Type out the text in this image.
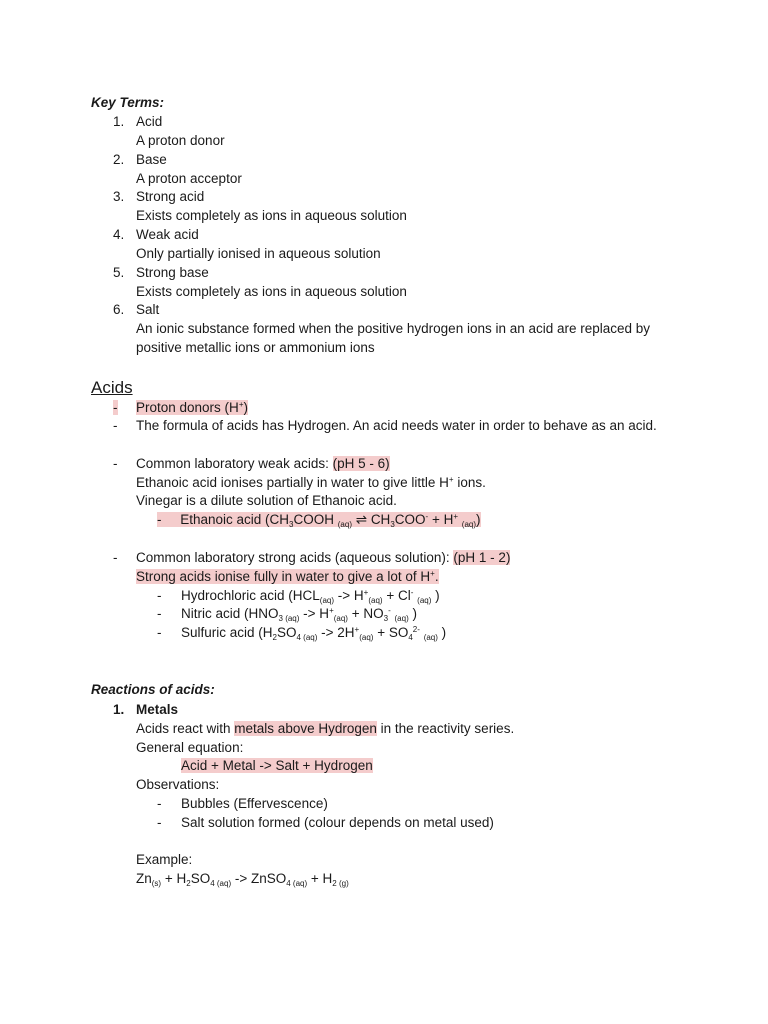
Key Terms:
1. Acid
A proton donor
2. Base
A proton acceptor
3. Strong acid
Exists completely as ions in aqueous solution
4. Weak acid
Only partially ionised in aqueous solution
5. Strong base
Exists completely as ions in aqueous solution
6. Salt
An ionic substance formed when the positive hydrogen ions in an acid are replaced by
positive metallic ions or ammonium ions
Acids
- Proton donors (H+)
- The formula of acids has Hydrogen. An acid needs water in order to behave as an acid.
- Common laboratory weak acids: (pH 5 - 6)
Ethanoic acid ionises partially in water to give little H+ ions.
Vinegar is a dilute solution of Ethanoic acid.
-     Ethanoic acid ($CH_3COOH$ $_{(aq)}$ ⇌ $CH_3COO^- + H^+$ $_{(aq)}$)
- Common laboratory strong acids (aqueous solution): (pH 1 - 2)
Strong acids ionise fully in water to give a lot of H+.
- Hydrochloric acid ($HCL_{(aq)} -> H^+_{(aq)} + Cl^-$ $_{(aq)}$ )
- Nitric acid ($HNO_{3 (aq)} -> H^+_{(aq)} + NO_3^-$ $_{(aq)}$ )
- Sulfuric acid ($H_2SO_{4 (aq)} -> 2H^+_{(aq)} + SO_4^{2-}$ $_{(aq)}$ )
Reactions of acids:
1. Metals
Acids react with metals above Hydrogen in the reactivity series.
General equation:
Acid + Metal -> Salt + Hydrogen
Observations:
- Bubbles (Effervescence)
- Salt solution formed (colour depends on metal used)
Example:
$Zn_{(s)} + H_2SO_{4 (aq)}$ -> ZnSO$_{4 (aq)}$ + $H_{2 (g)}$
